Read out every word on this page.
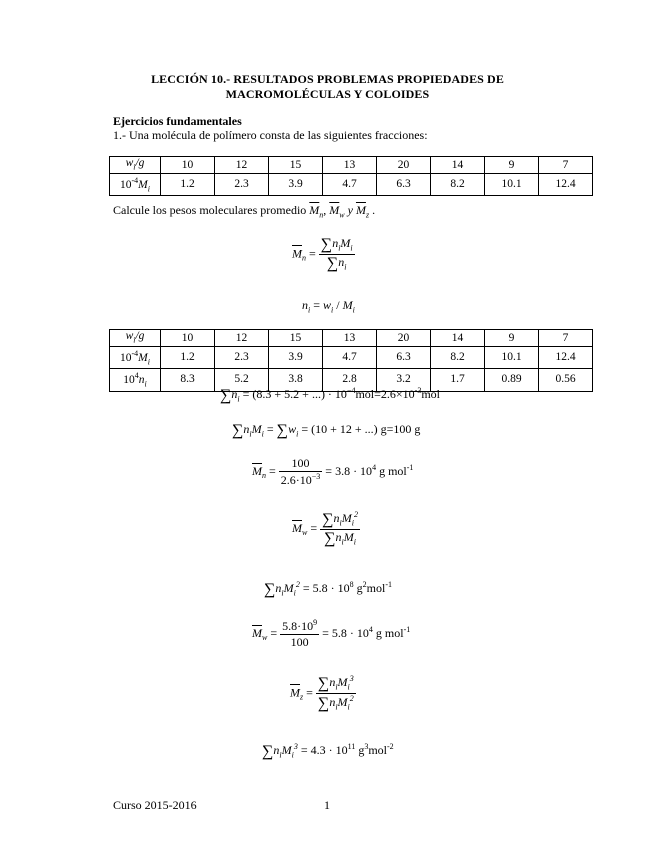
LECCIÓN 10.- RESULTADOS PROBLEMAS PROPIEDADES DE
MACROMOLÉCULAS Y COLOIDES
Ejercicios fundamentales
1.- Una molécula de polímero consta de las siguientes fracciones:
$w_i/g$	10	12	15	13	20	14	9	7
$10^{-4}M_i$	1.2	2.3	3.9	4.7	6.3	8.2	10.1	12.4
Calcule los pesos moleculares promedio $\overline{M}_n$, $\overline{M}_w$ y $\overline{M}_z$ .
$\overline{M}_n = \frac{\sum n_iM_i}{\sum n_i}$
$n_i = w_i / M_i$
$w_i/g$	10	12	15	13	20	14	9	7
$10^{-4}M_i$	1.2	2.3	3.9	4.7	6.3	8.2	10.1	12.4
$10^4n_i$	8.3	5.2	3.8	2.8	3.2	1.7	0.89	0.56
$\sum n_i = (8.3 + 5.2$ + ...) · $10^{-4}mol=2.6\times 10^{-3}mol$
$\sum n_iM_i = \sum w_i = (10 + 12$ + ...) g=100 g
$\overline{M}_n = \frac{100}{2.6\cdot 10^{-3}} = 3.8 \cdot 10^4$ g mol$^{-1}$
$\overline{M}_w = \frac{\sum n_iM_i^2}{\sum n_iM_i}$
$\sum n_iM_i^2 = 5.8 \cdot 10^8$ $g^2mol^{-1}$
$\overline{M}_w = \frac{5.8\cdot 10^9}{100} = 5.8 \cdot 10^4$ g mol$^{-1}$
$\overline{M}_z = \frac{\sum n_iM_i^3}{\sum n_iM_i^2}$
$\sum n_iM_i^3 = 4.3 \cdot 10^{11}$ $g^3mol^{-2}$
Curso 2015-2016	1
